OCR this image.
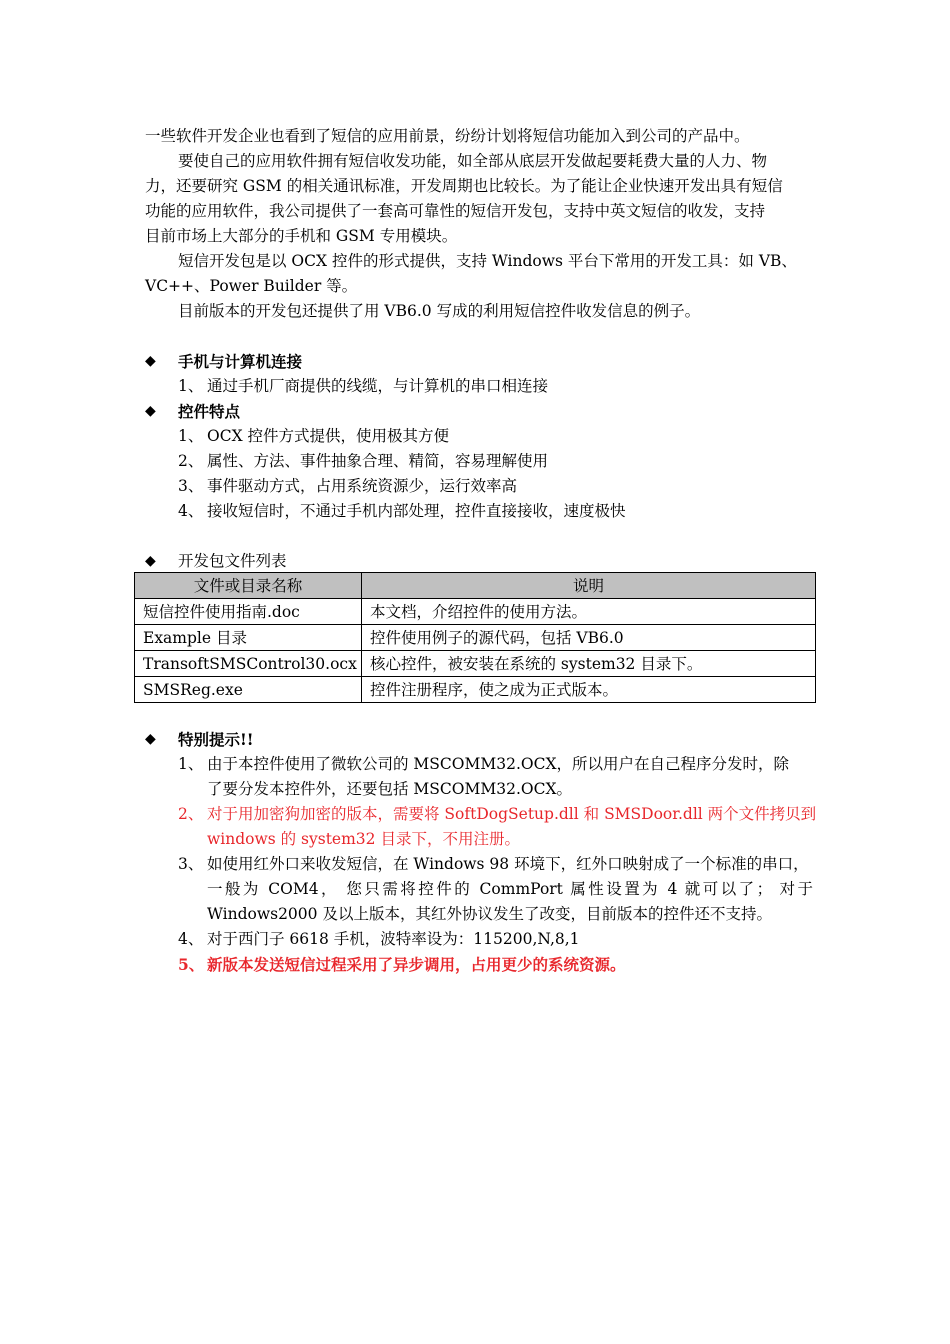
一些软件开发企业也看到了短信的应用前景，纷纷计划将短信功能加入到公司的产品中。
要使自己的应用软件拥有短信收发功能，如全部从底层开发做起要耗费大量的人力、物
力，还要研究 GSM 的相关通讯标准，开发周期也比较长。为了能让企业快速开发出具有短信
功能的应用软件，我公司提供了一套高可靠性的短信开发包，支持中英文短信的收发，支持
目前市场上大部分的手机和 GSM 专用模块。
短信开发包是以 OCX 控件的形式提供，支持 Windows 平台下常用的开发工具：如 VB、
VC++、Power Builder 等。
目前版本的开发包还提供了用 VB6.0 写成的利用短信控件收发信息的例子。
◆	手机与计算机连接
1、 通过手机厂商提供的线缆，与计算机的串口相连接
◆	控件特点
1、 OCX 控件方式提供，使用极其方便
2、 属性、方法、事件抽象合理、精简，容易理解使用
3、 事件驱动方式，占用系统资源少，运行效率高
4、 接收短信时，不通过手机内部处理，控件直接接收，速度极快
◆	开发包文件列表
文件或目录名称	说明
短信控件使用指南.doc	本文档，介绍控件的使用方法。
Example 目录	控件使用例子的源代码，包括 VB6.0
TransoftSMSControl30.ocx	核心控件，被安装在系统的 system32 目录下。
SMSReg.exe	控件注册程序，使之成为正式版本。
◆	特别提示!!
1、 由于本控件使用了微软公司的 MSCOMM32.OCX，所以用户在自己程序分发时，除
了要分发本控件外，还要包括 MSCOMM32.OCX。
2、 对于用加密狗加密的版本，需要将 SoftDogSetup.dll 和 SMSDoor.dll 两个文件拷贝到
windows 的 system32 目录下，不用注册。
3、 如使用红外口来收发短信，在 Windows 98 环境下，红外口映射成了一个标准的串口，
一般为 COM4， 您只需将控件的 CommPort 属性设置为 4 就可以了； 对于
Windows2000 及以上版本，其红外协议发生了改变，目前版本的控件还不支持。
4、 对于西门子 6618 手机，波特率设为：115200,N,8,1
5、 新版本发送短信过程采用了异步调用，占用更少的系统资源。
